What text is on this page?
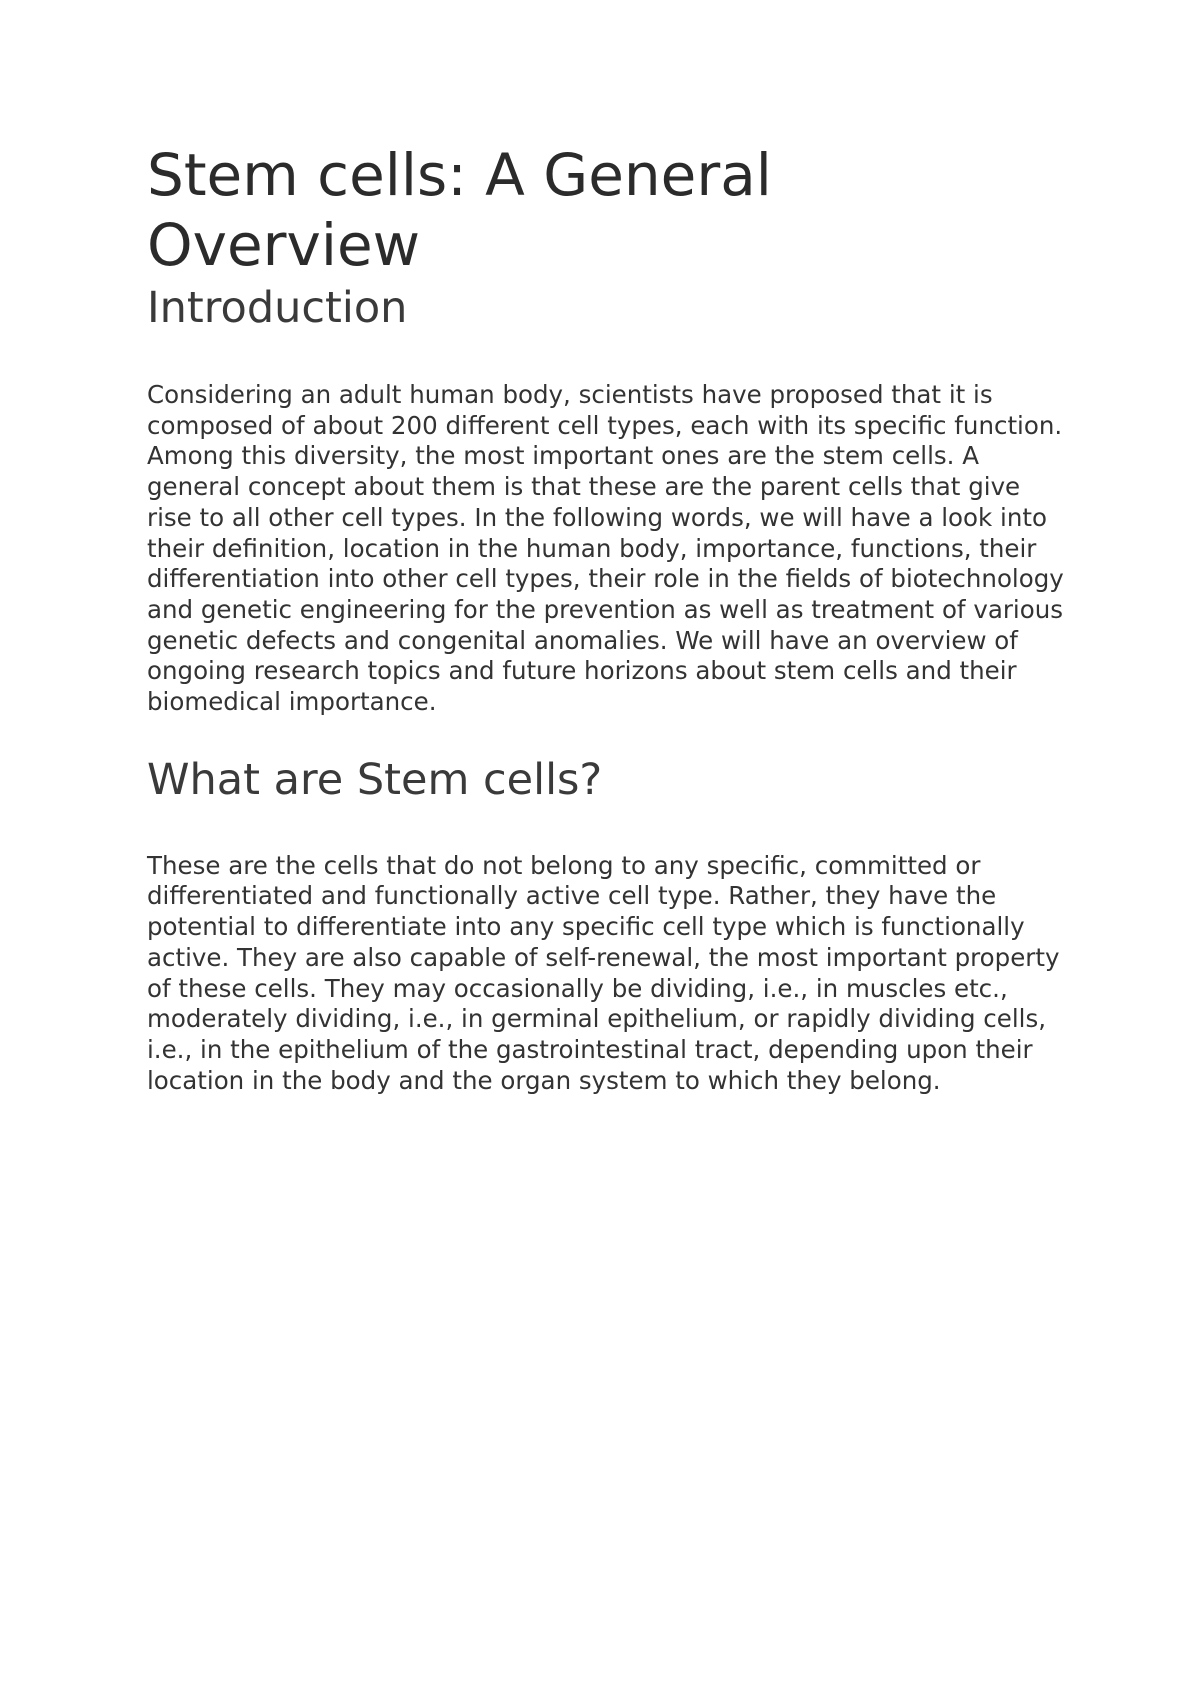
Stem cells: A General Overview
Introduction

Considering an adult human body, scientists have proposed that it is composed of about 200 different cell types, each with its specific function. Among this diversity, the most important ones are the stem cells. A general concept about them is that these are the parent cells that give rise to all other cell types. In the following words, we will have a look into their definition, location in the human body, importance, functions, their differentiation into other cell types, their role in the fields of biotechnology and genetic engineering for the prevention as well as treatment of various genetic defects and congenital anomalies. We will have an overview of ongoing research topics and future horizons about stem cells and their biomedical importance.

What are Stem cells?

These are the cells that do not belong to any specific, committed or differentiated and functionally active cell type. Rather, they have the potential to differentiate into any specific cell type which is functionally active. They are also capable of self-renewal, the most important property of these cells. They may occasionally be dividing, i.e., in muscles etc., moderately dividing, i.e., in germinal epithelium, or rapidly dividing cells, i.e., in the epithelium of the gastrointestinal tract, depending upon their location in the body and the organ system to which they belong.
